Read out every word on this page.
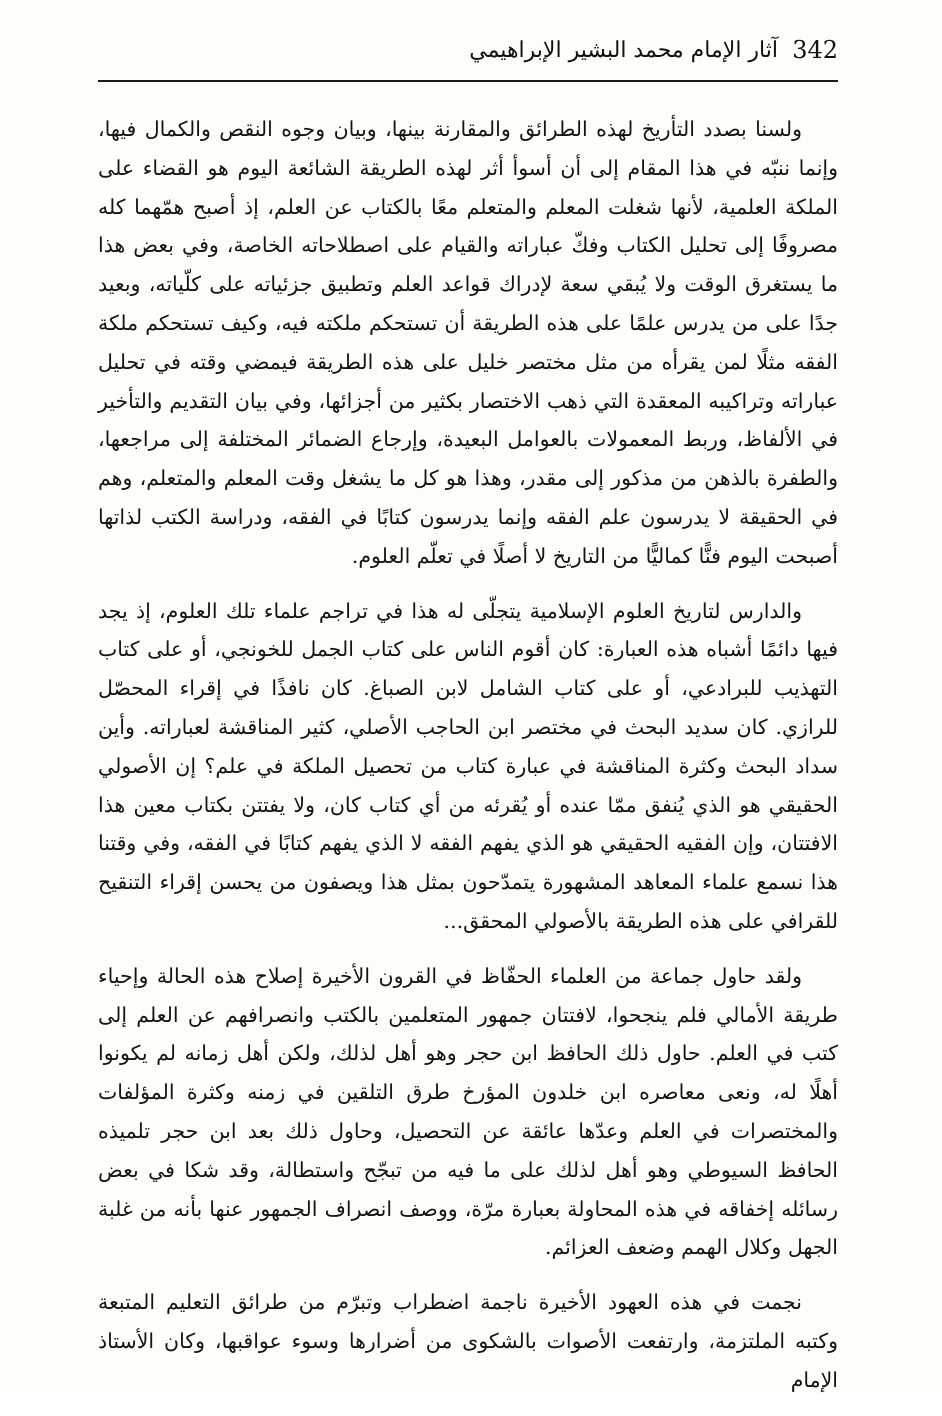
342
آثار الإمام محمد البشير الإبراهيمي

ولسنا بصدد التأريخ لهذه الطرائق والمقارنة بينها، وبيان وجوه النقص والكمال فيها، وإنما ننبّه في هذا المقام إلى أن أسوأ أثر لهذه الطريقة الشائعة اليوم هو القضاء على الملكة العلمية، لأنها شغلت المعلم والمتعلم معًا بالكتاب عن العلم، إذ أصبح همّهما كله مصروفًا إلى تحليل الكتاب وفكّ عباراته والقيام على اصطلاحاته الخاصة، وفي بعض هذا ما يستغرق الوقت ولا يُبقي سعة لإدراك قواعد العلم وتطبيق جزئياته على كلّياته، وبعيد جدًا على من يدرس علمًا على هذه الطريقة أن تستحكم ملكته فيه، وكيف تستحكم ملكة الفقه مثلًا لمن يقرأه من مثل مختصر خليل على هذه الطريقة فيمضي وقته في تحليل عباراته وتراكيبه المعقدة التي ذهب الاختصار بكثير من أجزائها، وفي بيان التقديم والتأخير في الألفاظ، وربط المعمولات بالعوامل البعيدة، وإرجاع الضمائر المختلفة إلى مراجعها، والطفرة بالذهن من مذكور إلى مقدر، وهذا هو كل ما يشغل وقت المعلم والمتعلم، وهم في الحقيقة لا يدرسون علم الفقه وإنما يدرسون كتابًا في الفقه، ودراسة الكتب لذاتها أصبحت اليوم فنًّا كماليًّا من التاريخ لا أصلًا في تعلّم العلوم.

والدارس لتاريخ العلوم الإسلامية يتجلّى له هذا في تراجم علماء تلك العلوم، إذ يجد فيها دائمًا أشباه هذه العبارة: كان أقوم الناس على كتاب الجمل للخونجي، أو على كتاب التهذيب للبرادعي، أو على كتاب الشامل لابن الصباغ. كان نافذًا في إقراء المحصّل للرازي. كان سديد البحث في مختصر ابن الحاجب الأصلي، كثير المناقشة لعباراته. وأين سداد البحث وكثرة المناقشة في عبارة كتاب من تحصيل الملكة في علم؟ إن الأصولي الحقيقي هو الذي يُنفق ممّا عنده أو يُقرئه من أي كتاب كان، ولا يفتتن بكتاب معين هذا الافتتان، وإن الفقيه الحقيقي هو الذي يفهم الفقه لا الذي يفهم كتابًا في الفقه، وفي وقتنا هذا نسمع علماء المعاهد المشهورة يتمدّحون بمثل هذا ويصفون من يحسن إقراء التنقيح للقرافي على هذه الطريقة بالأصولي المحقق...

ولقد حاول جماعة من العلماء الحفّاظ في القرون الأخيرة إصلاح هذه الحالة وإحياء طريقة الأمالي فلم ينجحوا، لافتتان جمهور المتعلمين بالكتب وانصرافهم عن العلم إلى كتب في العلم. حاول ذلك الحافظ ابن حجر وهو أهل لذلك، ولكن أهل زمانه لم يكونوا أهلًا له، ونعى معاصره ابن خلدون المؤرخ طرق التلقين في زمنه وكثرة المؤلفات والمختصرات في العلم وعدّها عائقة عن التحصيل، وحاول ذلك بعد ابن حجر تلميذه الحافظ السيوطي وهو أهل لذلك على ما فيه من تبجّح واستطالة، وقد شكا في بعض رسائله إخفاقه في هذه المحاولة بعبارة مرّة، ووصف انصراف الجمهور عنها بأنه من غلبة الجهل وكلال الهمم وضعف العزائم.

نجمت في هذه العهود الأخيرة ناجمة اضطراب وتبرّم من طرائق التعليم المتبعة وكتبه الملتزمة، وارتفعت الأصوات بالشكوى من أضرارها وسوء عواقبها، وكان الأستاذ الإمام
